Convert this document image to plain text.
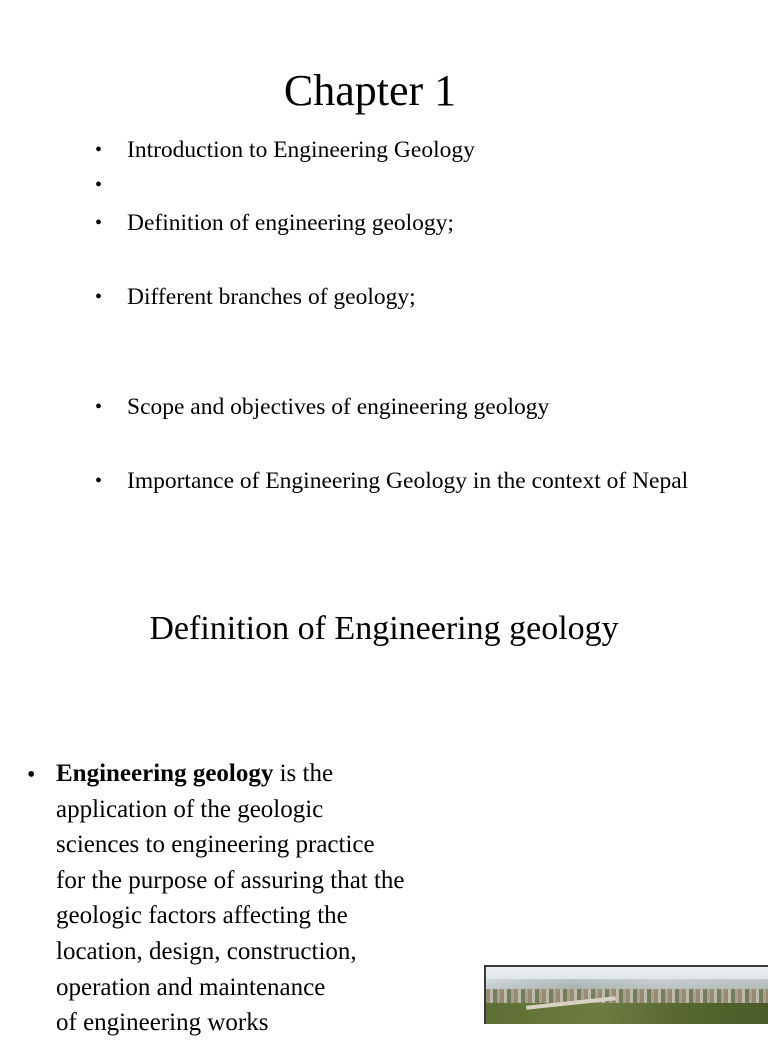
Chapter 1
• Introduction to Engineering Geology
•
• Definition of engineering geology;
• Different branches of geology;
• Scope and objectives of engineering geology
• Importance of Engineering Geology in the context of Nepal
Definition of Engineering geology
• Engineering geology is the
application of the geologic
sciences to engineering practice
for the purpose of assuring that the
geologic factors affecting the
location, design, construction,
operation and maintenance
of engineering works
